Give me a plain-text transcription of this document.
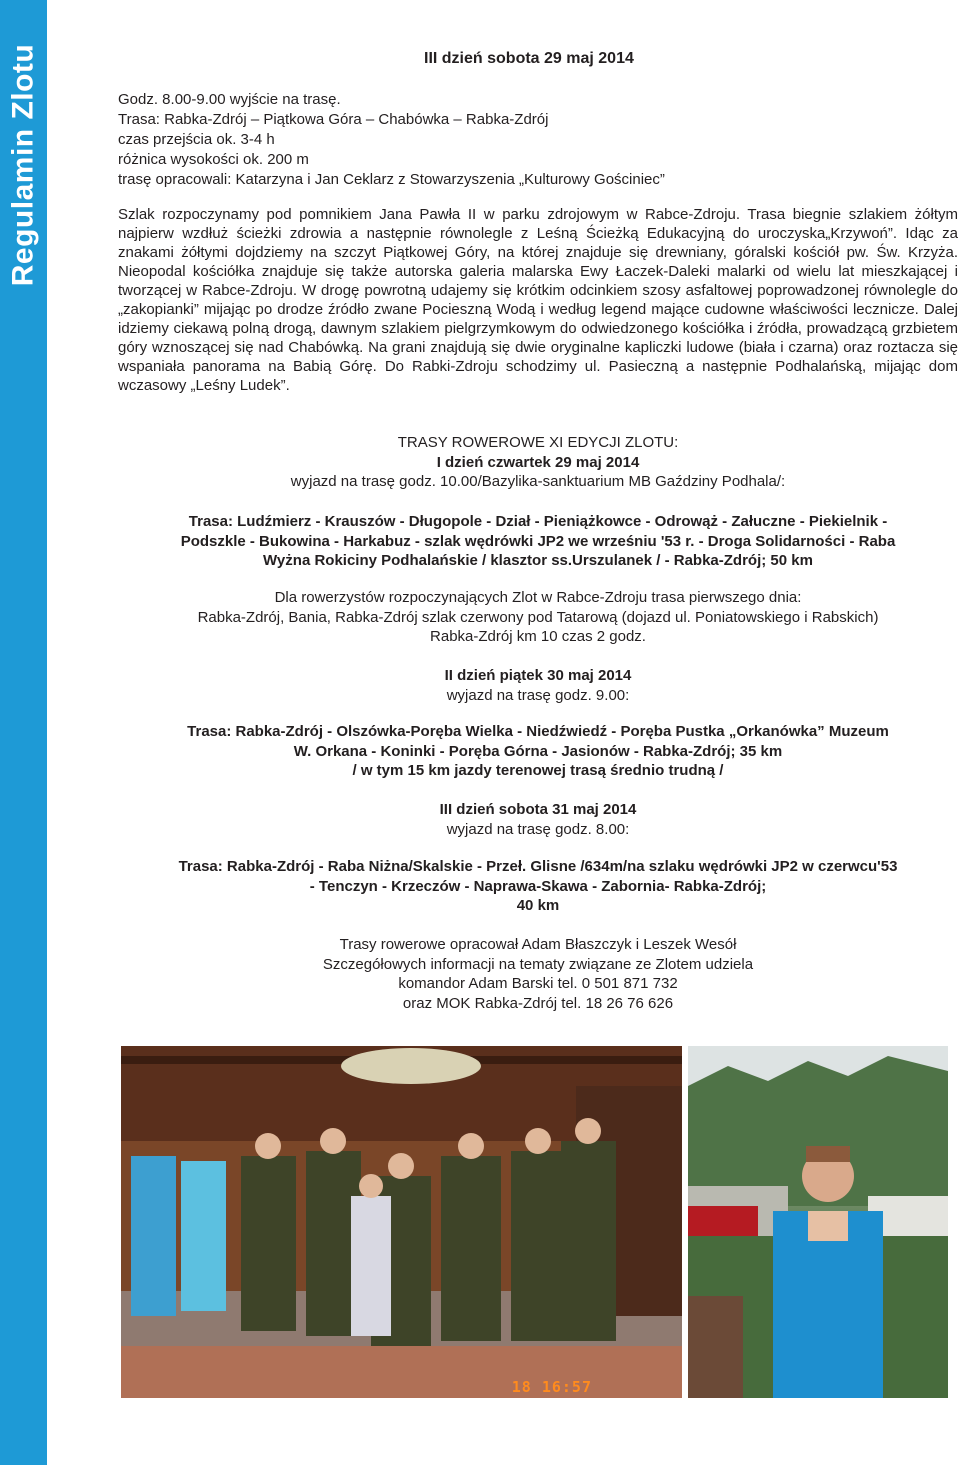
Regulamin Zlotu	III dzień sobota 29 maj 2014
Godz. 8.00-9.00 wyjście na trasę.
Trasa: Rabka-Zdrój – Piątkowa Góra – Chabówka – Rabka-Zdrój
czas przejścia ok. 3-4 h
różnica wysokości ok. 200 m
trasę opracowali: Katarzyna i Jan Ceklarz z Stowarzyszenia „Kulturowy Gościniec”

Szlak rozpoczynamy pod pomnikiem Jana Pawła II w parku zdrojowym w Rabce-Zdroju. Trasa biegnie szlakiem żółtym najpierw wzdłuż ścieżki zdrowia a następnie równolegle z Leśną Ścieżką Edukacyjną do uroczyska„Krzywoń”. Idąc za znakami żółtymi dojdziemy na szczyt Piątkowej Góry, na której znajduje się drewniany, góralski kościół pw. Św. Krzyża. Nieopodal kościółka znajduje się także autorska galeria malarska Ewy Łaczek-Daleki malarki od wielu lat mieszkającej i tworzącej w Rabce-Zdroju. W drogę powrotną udajemy się krótkim odcinkiem szosy asfaltowej poprowadzonej równolegle do „zakopianki” mijając po drodze źródło zwane Pocieszną Wodą i według legend mające cudowne właściwości lecznicze. Dalej idziemy ciekawą polną drogą, dawnym szlakiem pielgrzymkowym do odwiedzonego kościółka i źródła, prowadzącą grzbietem góry wznoszącej się nad Chabówką. Na grani znajdują się dwie oryginalne kapliczki ludowe (biała i czarna) oraz roztacza się wspaniała panorama na Babią Górę. Do Rabki-Zdroju schodzimy ul. Pasieczną a następnie Podhalańską, mijając dom wczasowy „Leśny Ludek”.

TRASY ROWEROWE XI EDYCJI ZLOTU:
I dzień czwartek 29 maj 2014
wyjazd na trasę godz. 10.00/Bazylika-sanktuarium MB Gaździny Podhala/:
Trasa: Ludźmierz - Krauszów - Długopole - Dział - Pieniążkowce - Odrowąż - Załuczne - Piekielnik -
Podszkle - Bukowina - Harkabuz - szlak wędrówki JP2 we wrześniu '53 r. - Droga Solidarności - Raba
Wyżna Rokiciny Podhalańskie / klasztor ss.Urszulanek / - Rabka-Zdrój; 50 km
Dla rowerzystów rozpoczynających Zlot w Rabce-Zdroju trasa pierwszego dnia:
Rabka-Zdrój, Bania, Rabka-Zdrój szlak czerwony pod Tatarową (dojazd ul. Poniatowskiego i Rabskich)
Rabka-Zdrój km 10 czas 2 godz.
II dzień piątek 30 maj 2014
wyjazd na trasę godz. 9.00:
Trasa: Rabka-Zdrój - Olszówka-Poręba Wielka - Niedźwiedź - Poręba Pustka „Orkanówka” Muzeum
W. Orkana - Koninki - Poręba Górna - Jasionów - Rabka-Zdrój; 35 km
/ w tym 15 km jazdy terenowej trasą średnio trudną /
III dzień sobota 31 maj 2014
wyjazd na trasę godz. 8.00:
Trasa: Rabka-Zdrój - Raba Niżna/Skalskie - Przeł. Glisne /634m/na szlaku wędrówki JP2 w czerwcu'53
- Tenczyn - Krzeczów - Naprawa-Skawa - Zabornia- Rabka-Zdrój;
40 km
Trasy rowerowe opracował Adam Błaszczyk i Leszek Wesół
Szczegółowych informacji na tematy związane ze Zlotem udziela
komandor Adam Barski tel. 0 501 871 732
oraz MOK Rabka-Zdrój tel. 18 26 76 626
18 16:57
